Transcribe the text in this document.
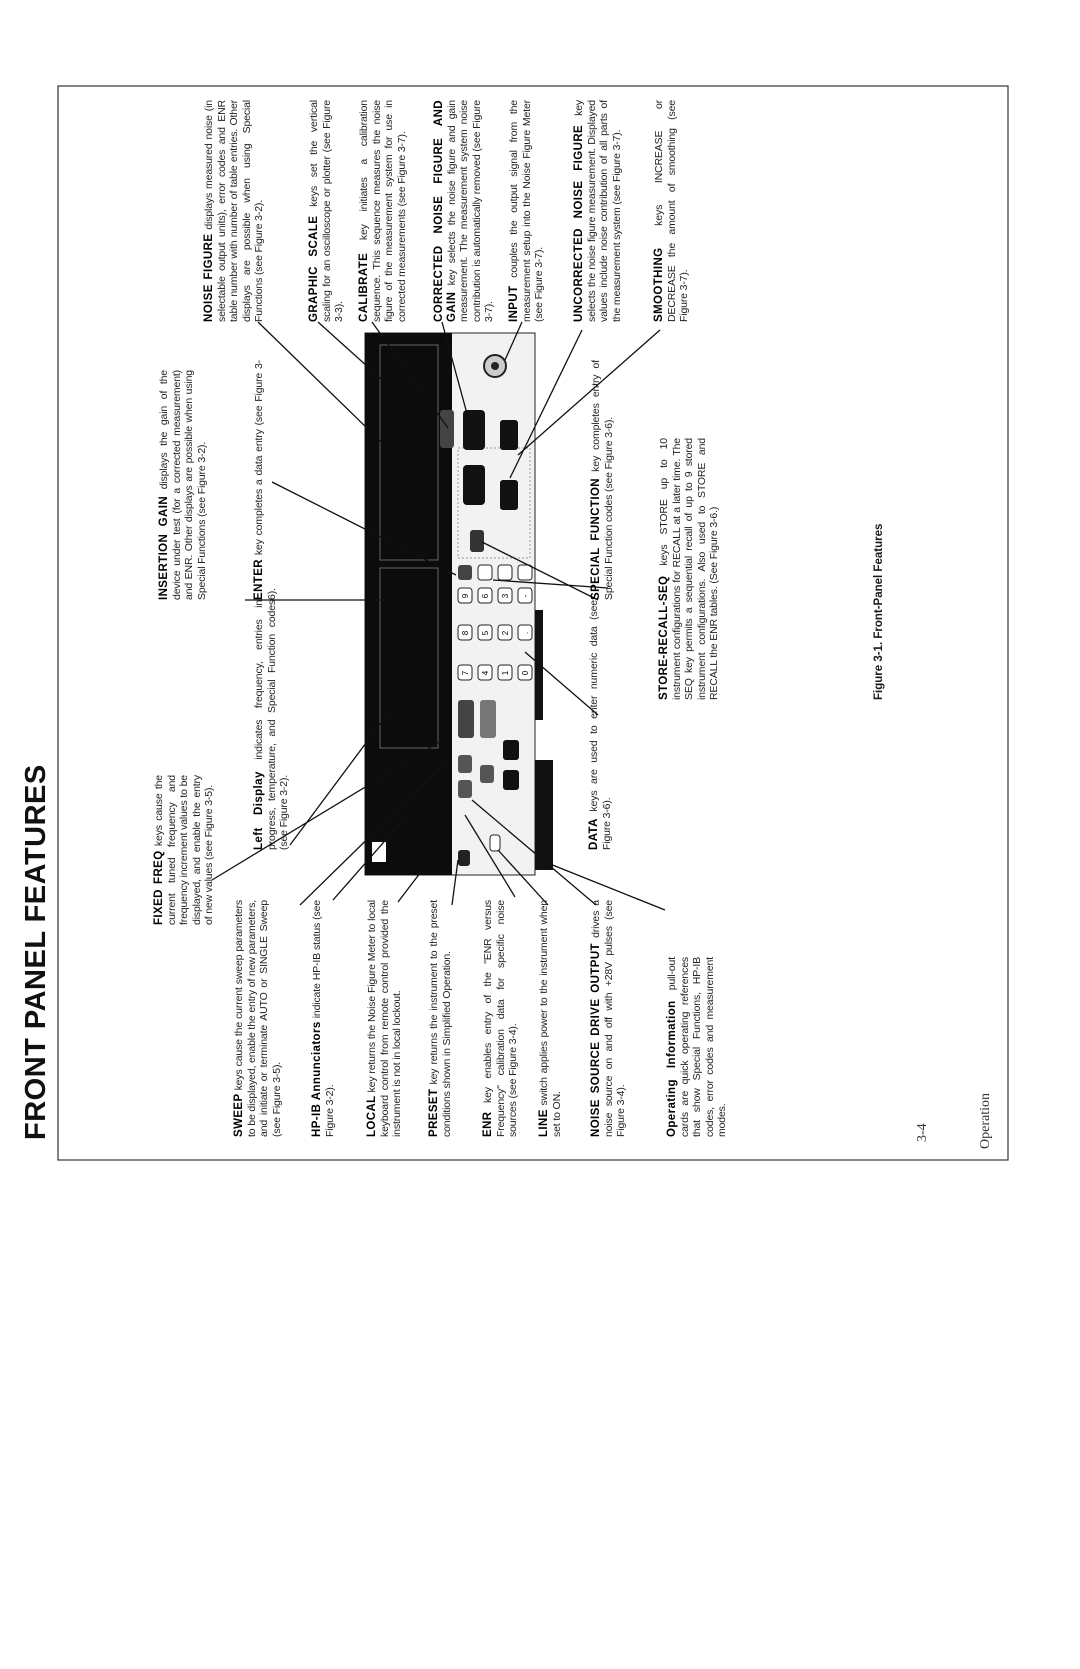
7
8
9
4
5
6
1
2
3
0
.
-
FRONT PANEL FEATURES
Figure 3-1. Front-Panel Features
3-4	Operation
SWEEP keys cause the current sweep parameters to be displayed, enable the entry of new parameters, and initiate or terminate AUTO or SINGLE Sweep (see Figure 3-5). HP-IB Annunciators indicate HP-IB status (see Figure 3-2).	LOCAL key returns the Noise Figure Meter to local keyboard control from remote control provided the instrument is not in local lockout. PRESET key returns the instrument to the preset conditions shown in Simplified Operation.	ENR key enables entry of the "ENR versus Frequency" calibration data for specific noise sources (see Figure 3-4). LINE switch applies power to the instrument when set to ON. NOISE SOURCE DRIVE OUTPUT drives a noise source on and off with +28V pulses (see Figure 3-4).	Operating Information pull-out cards are quick operating references that show Special Functions, HP-IB codes, error codes and measurement modes.
FIXED FREQ keys cause the current tuned frequency and frequency increment values to be displayed, and enable the entry of new values (see Figure 3-5).	Left Display indicates frequency, entries in progress, temperature, and Special Function codes (see Figure 3-2).	DATA keys are used to enter numeric data (see Figure 3-6).
INSERTION GAIN displays the gain of the device under test (for a corrected measurement) and ENR. Other displays are possible when using Special Functions (see Figure 3-2).	ENTER key completes a data entry (see Figure 3-6).	SPECIAL FUNCTION key completes entry of Special Function codes (see Figure 3-6).
STORE-RECALL-SEQ keys STORE up to 10 instrument configurations for RECALL at a later time. The SEQ key permits a sequential recall of up to 9 stored instrument configurations. Also used to STORE and RECALL the ENR tables. (See Figure 3-6.)
NOISE FIGURE displays measured noise (in selectable output units), error codes and ENR table number with number of table entries. Other displays are possible when using Special Functions (see Figure 3-2).	GRAPHIC SCALE keys set the vertical scaling for an oscilloscope or plotter (see Figure 3-3). CALIBRATE key initiates a calibration sequence. This sequence measures the noise figure of the measurement system for use in corrected measurements (see Figure 3-7). CORRECTED NOISE FIGURE AND GAIN key selects the noise figure and gain measurement. The measurement system noise contribution is automatically removed (see Figure 3-7). INPUT couples the output signal from the measurement setup into the Noise Figure Meter (see Figure 3-7). UNCORRECTED NOISE FIGURE key selects the noise figure measurement. Displayed values include noise contribution of all parts of the measurement system (see Figure 3-7).	SMOOTHING keys INCREASE or DECREASE the amount of smoothing (see Figure 3-7).
